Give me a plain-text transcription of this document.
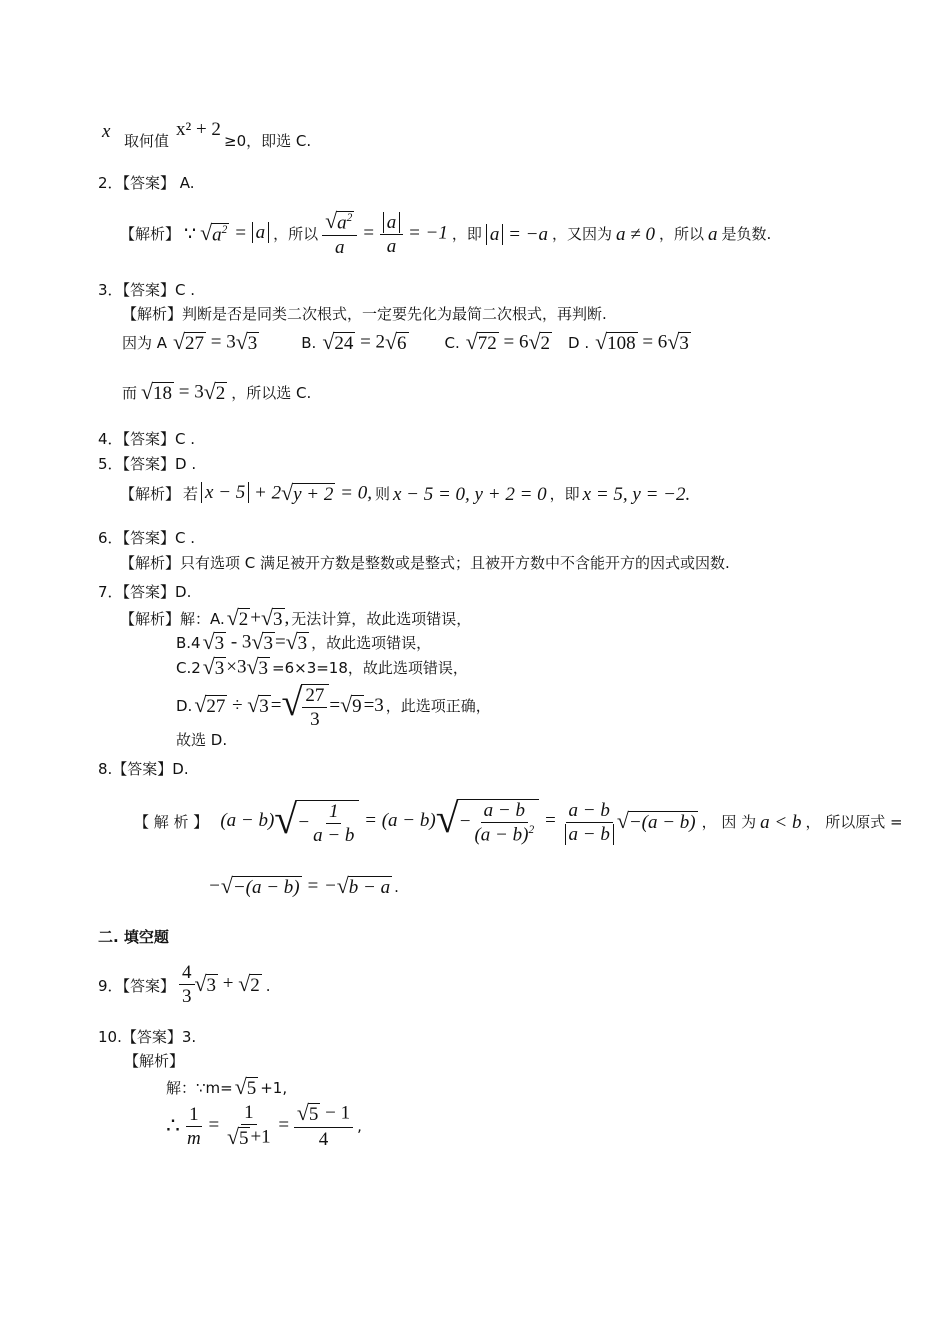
x 取何值
x² + 2
≥0，即选 C.
2．【答案】 A.
【解析】 ∵ √ $a^2 = a$ ，所以 $\frac{√ a^2}{a} = \frac{a}{a} = -1$ ，即 a = −a ，又因为 a ≠ 0 ，所以 a 是负数.
3．【答案】C .
【解析】判断是否是同类二次根式，一定要先化为最简二次根式，再判断.
因为 A √ 27 = 3 √ 3	B. √ 24 = 2 √ 6	C. √ 72 = 6 √ 2 D . √ 108 = 6 √ 3
而 √ 18 = 3 √ 2 ，所以选 C.
4．【答案】C .
5．【答案】D .
【解析】 若 x − 5 + 2 √ y + 2 = 0, 则 x − 5 = 0, y + 2 = 0 ，即 x = 5, y = −2.
6．【答案】C .
【解析】只有选项 C 满足被开方数是整数或是整式；且被开方数中不含能开方的因式或因数.
7．【答案】D.
【解析】解：A. √ 2 + √ 3 , 无法计算，故此选项错误，
B.4 √ 3 - 3 √ 3 = √ 3 ，故此选项错误，
C.2 √ 3 ×3 √ 3 =6×3=18，故此选项错误，
D. √ 27 ÷ √ 3 = √ $\frac{27}{3}$ = √ 9 =3 ，此选项正确，
故选 D.
8.【答案】D.
【 解 析 】 (a − b) √ − $\frac{1}{a - b} = (a - b)$ √ − $\frac{a - b}{(a - b)^2} = \frac{a - b}{a - b}$ √ −(a − b) ， 因 为 a < b ， 所以原式 =
− √ −(a − b) = − √ b − a .
二. 填空题
9．【答案】 $\frac{4}{3}$ √ 3 + √ 2 .
10.【答案】3.
【解析】
解：∵m= √ 5 +1,
∴ $\frac{1}{m} = \frac{1}{√ 5 +1} = \frac{√ 5 - 1}{4}$ ,
